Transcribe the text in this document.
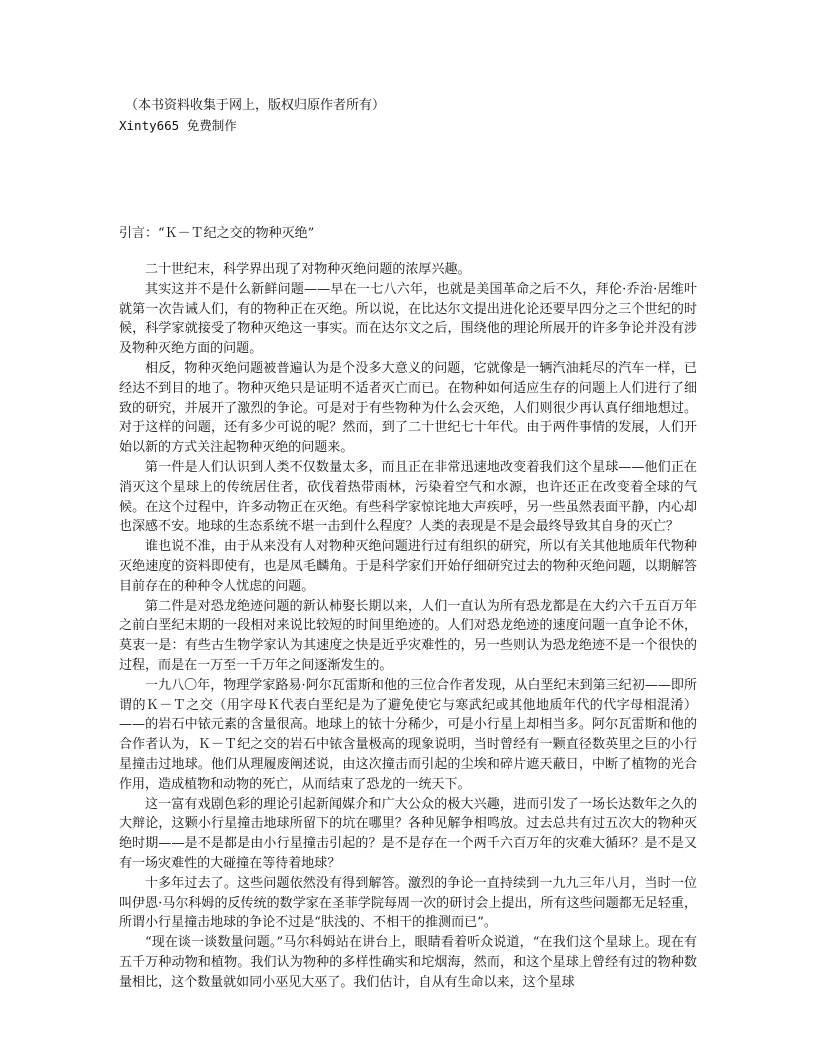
（本书资料收集于网上，版权归原作者所有）

Xinty665 免费制作

引言：“Ｋ－Ｔ纪之交的物种灭绝”

二十世纪末，科学界出现了对物种灭绝问题的浓厚兴趣。

其实这并不是什么新鲜问题——早在一七八六年，也就是美国革命之后不久，拜伦·乔治·居维叶就第一次告诫人们，有的物种正在灭绝。所以说，在比达尔文提出进化论还要早四分之三个世纪的时候，科学家就接受了物种灭绝这一事实。而在达尔文之后，围绕他的理论所展开的许多争论并没有涉及物种灭绝方面的问题。

相反，物种灭绝问题被普遍认为是个没多大意义的问题，它就像是一辆汽油耗尽的汽车一样，已经达不到目的地了。物种灭绝只是证明不适者灭亡而已。在物种如何适应生存的问题上人们进行了细致的研究，并展开了激烈的争论。可是对于有些物种为什么会灭绝，人们则很少再认真仔细地想过。对于这样的问题，还有多少可说的呢？然而，到了二十世纪七十年代。由于两件事情的发展，人们开始以新的方式关注起物种灭绝的问题来。

第一件是人们认识到人类不仅数量太多，而且正在非常迅速地改变着我们这个星球——他们正在消灭这个星球上的传统居住者，砍伐着热带雨林，污染着空气和水源，也许还正在改变着全球的气候。在这个过程中，许多动物正在灭绝。有些科学家惊诧地大声疾呼，另一些虽然表面平静，内心却也深感不安。地球的生态系统不堪一击到什么程度？人类的表现是不是会最终导致其自身的灭亡？

谁也说不准，由于从来没有人对物种灭绝问题进行过有组织的研究，所以有关其他地质年代物种灭绝速度的资料即使有，也是凤毛麟角。于是科学家们开始仔细研究过去的物种灭绝问题，以期解答目前存在的种种令人忧虑的问题。

第二件是对恐龙绝迹问题的新认柿娶长期以来，人们一直认为所有恐龙都是在大约六千五百万年之前白垩纪末期的一段相对来说比较短的时间里绝迹的。人们对恐龙绝迹的速度问题一直争论不休，莫衷一是：有些古生物学家认为其速度之快是近乎灾难性的，另一些则认为恐龙绝迹不是一个很快的过程，而是在一万至一千万年之间逐渐发生的。

一九八〇年，物理学家路易·阿尔瓦雷斯和他的三位合作者发现，从白垩纪末到第三纪初——即所谓的Ｋ－Ｔ之交（用字母Ｋ代表白垩纪是为了避免使它与寒武纪或其他地质年代的代字母相混淆）——的岩石中铱元素的含量很高。地球上的铱十分稀少，可是小行星上却相当多。阿尔瓦雷斯和他的合作者认为，Ｋ－Ｔ纪之交的岩石中铱含量极高的现象说明，当时曾经有一颗直径数英里之巨的小行星撞击过地球。他们从理履废阐述说，由这次撞击而引起的尘埃和碎片遮天蔽日，中断了植物的光合作用，造成植物和动物的死亡，从而结束了恐龙的一统天下。

这一富有戏剧色彩的理论引起新闻媒介和广大公众的极大兴趣，进而引发了一场长达数年之久的大辩论，这颗小行星撞击地球所留下的坑在哪里？各种见解争相鸣放。过去总共有过五次大的物种灭绝时期——是不是都是由小行星撞击引起的？是不是存在一个两千六百万年的灾难大循环？是不是又有一场灾难性的大碰撞在等待着地球？

十多年过去了。这些问题依然没有得到解答。激烈的争论一直持续到一九九三年八月，当时一位叫伊恩·马尔科姆的反传统的数学家在圣菲学院每周一次的研讨会上提出，所有这些问题都无足轻重，所谓小行星撞击地球的争论不过是“肤浅的、不相干的推测而已”。

“现在谈一谈数量问题。”马尔科姆站在讲台上，眼睛看着听众说道，“在我们这个星球上。现在有五千万种动物和植物。我们认为物种的多样性确实和坨烟海，然而，和这个星球上曾经有过的物种数量相比，这个数量就如同小巫见大巫了。我们估计，自从有生命以来，这个星球
